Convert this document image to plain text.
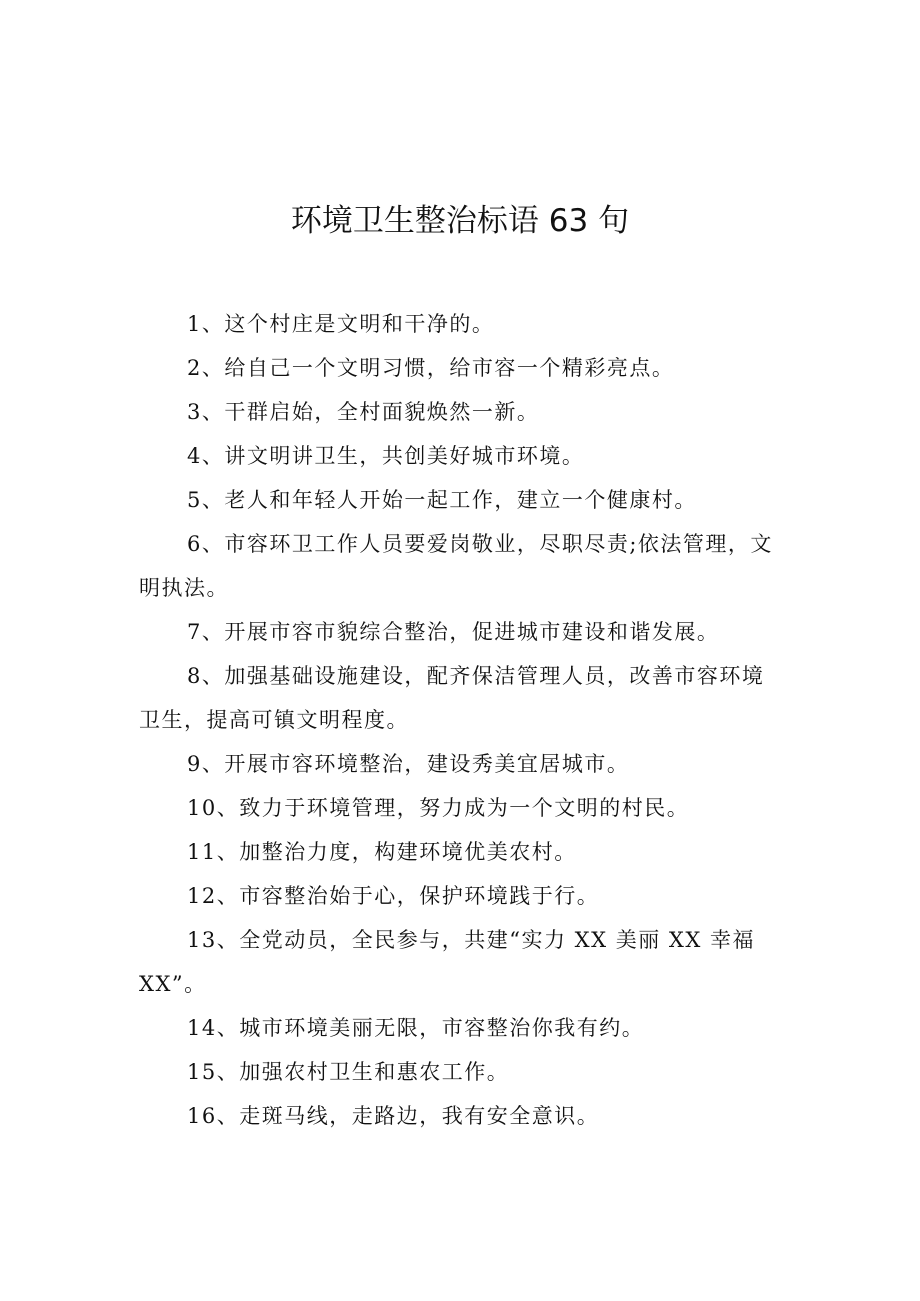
环境卫生整治标语 63 句

1、这个村庄是文明和干净的。

2、给自己一个文明习惯，给市容一个精彩亮点。

3、干群启始，全村面貌焕然一新。

4、讲文明讲卫生，共创美好城市环境。

5、老人和年轻人开始一起工作，建立一个健康村。

6、市容环卫工作人员要爱岗敬业，尽职尽责;依法管理，文明执法。

7、开展市容市貌综合整治，促进城市建设和谐发展。

8、加强基础设施建设，配齐保洁管理人员，改善市容环境卫生，提高可镇文明程度。

9、开展市容环境整治，建设秀美宜居城市。

10、致力于环境管理，努力成为一个文明的村民。

11、加整治力度，构建环境优美农村。

12、市容整治始于心，保护环境践于行。

13、全党动员，全民参与，共建“实力 XX 美丽 XX 幸福 XX”。

14、城市环境美丽无限，市容整治你我有约。

15、加强农村卫生和惠农工作。

16、走斑马线，走路边，我有安全意识。
